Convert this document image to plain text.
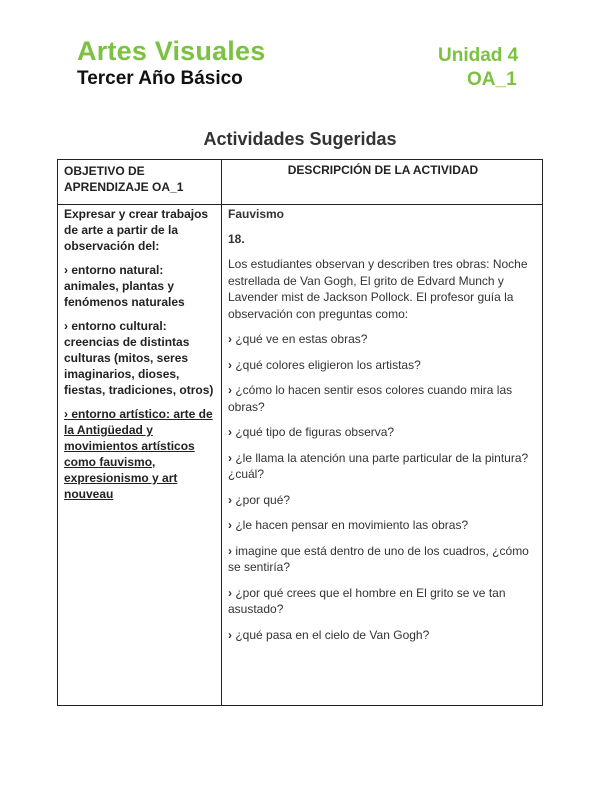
Artes Visuales
Tercer Año Básico
Unidad 4
OA_1
Actividades Sugeridas
OBJETIVO DE APRENDIZAJE OA_1
DESCRIPCIÓN DE LA ACTIVIDAD

Expresar y crear trabajos de arte a partir de la observación del:

› entorno natural: animales, plantas y fenómenos naturales

› entorno cultural: creencias de distintas culturas (mitos, seres imaginarios, dioses, fiestas, tradiciones, otros)

› entorno artístico: arte de la Antigüedad y movimientos artísticos como fauvismo, expresionismo y art nouveau

Fauvismo
18.
Los estudiantes observan y describen tres obras: Noche estrellada de Van Gogh, El grito de Edvard Munch y Lavender mist de Jackson Pollock. El profesor guía la observación con preguntas como:
› ¿qué ve en estas obras?
› ¿qué colores eligieron los artistas?
› ¿cómo lo hacen sentir esos colores cuando mira las obras?
› ¿qué tipo de figuras observa?
› ¿le llama la atención una parte particular de la pintura? ¿cuál?
› ¿por qué?
› ¿le hacen pensar en movimiento las obras?
› imagine que está dentro de uno de los cuadros, ¿cómo se sentiría?
› ¿por qué crees que el hombre en El grito se ve tan asustado?
› ¿qué pasa en el cielo de Van Gogh?
